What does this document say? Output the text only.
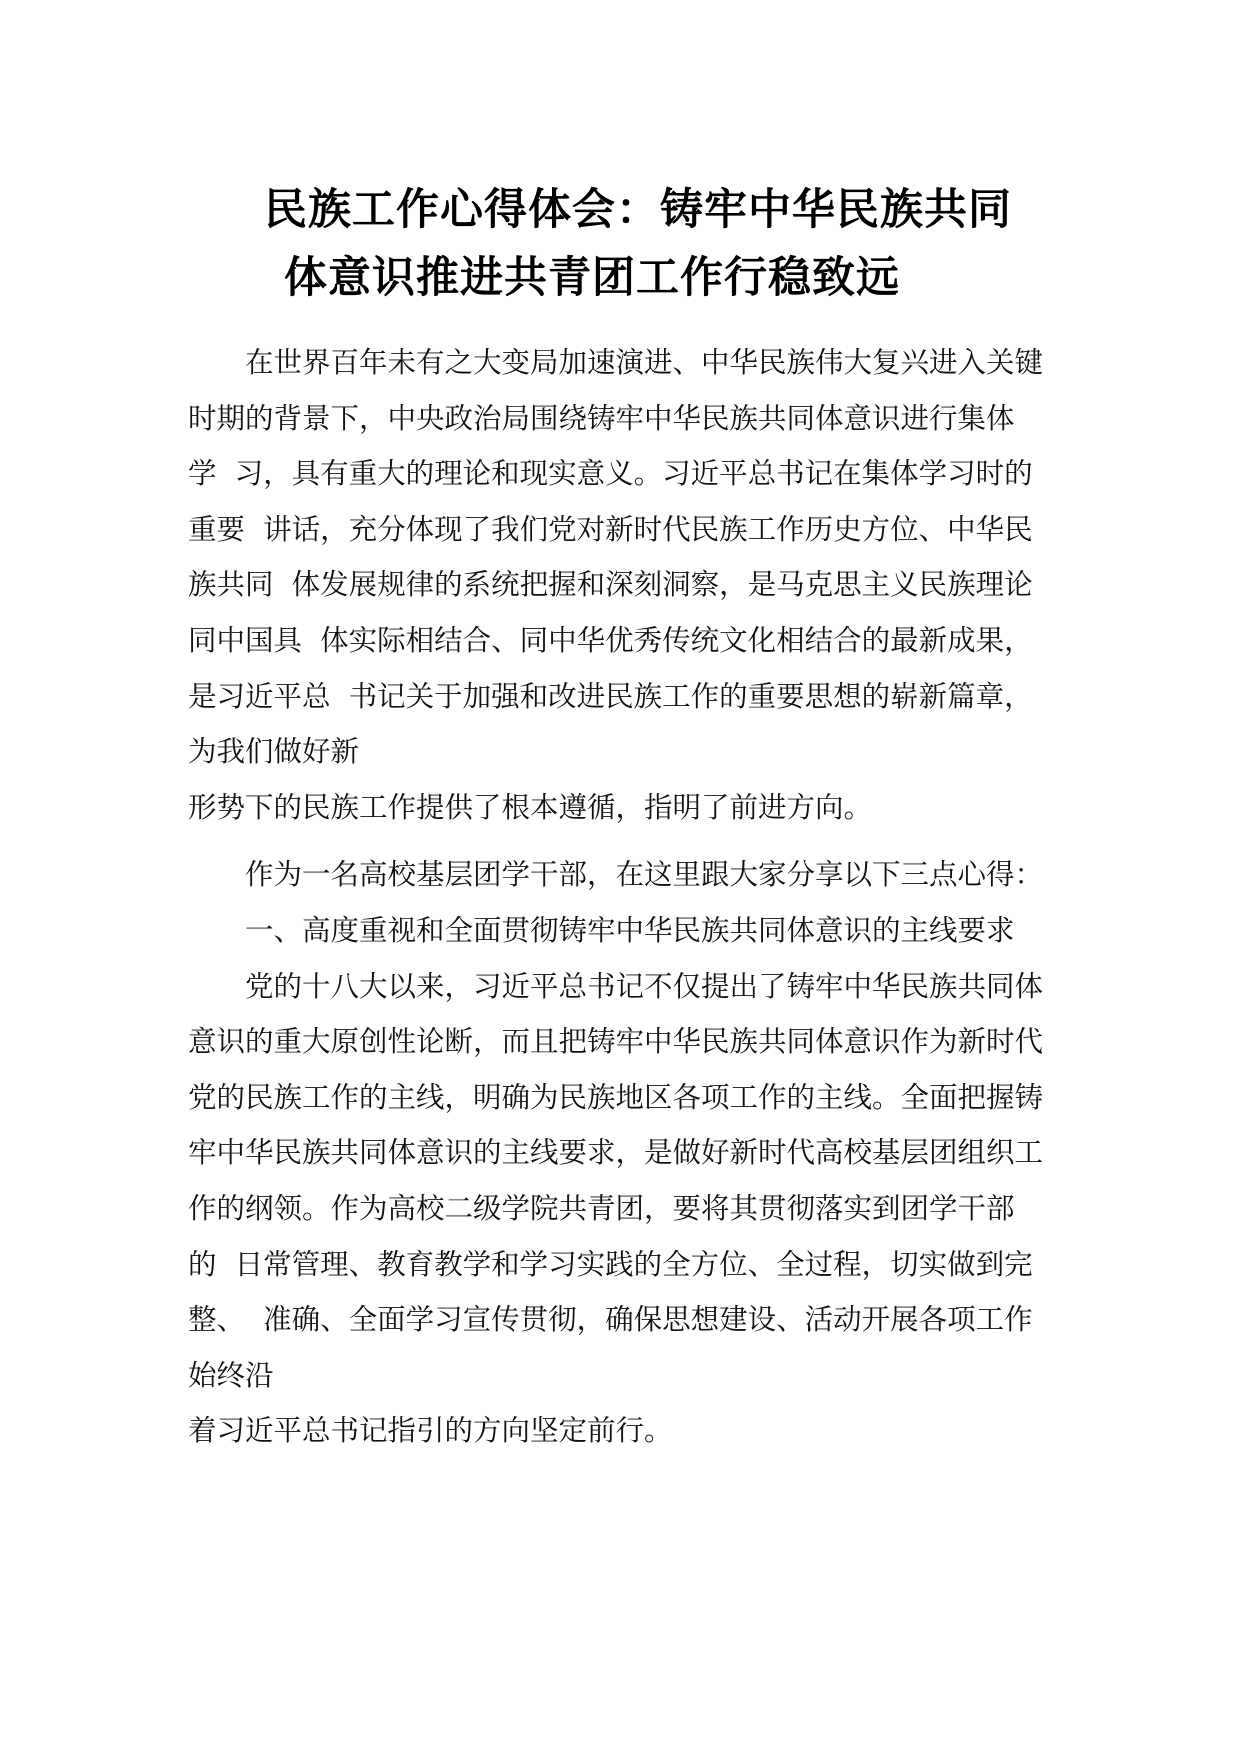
民族工作心得体会：铸牢中华民族共同
体意识推进共青团工作行稳致远
在世界百年未有之大变局加速演进、中华民族伟大复兴进入关键
时期的背景下，中央政治局围绕铸牢中华民族共同体意识进行集体
学  习，具有重大的理论和现实意义。习近平总书记在集体学习时的
重要  讲话，充分体现了我们党对新时代民族工作历史方位、中华民
族共同  体发展规律的系统把握和深刻洞察，是马克思主义民族理论
同中国具  体实际相结合、同中华优秀传统文化相结合的最新成果，
是习近平总  书记关于加强和改进民族工作的重要思想的崭新篇章，
为我们做好新
形势下的民族工作提供了根本遵循，指明了前进方向。
作为一名高校基层团学干部，在这里跟大家分享以下三点心得：
一、高度重视和全面贯彻铸牢中华民族共同体意识的主线要求
党的十八大以来，习近平总书记不仅提出了铸牢中华民族共同体
意识的重大原创性论断，而且把铸牢中华民族共同体意识作为新时代
党的民族工作的主线，明确为民族地区各项工作的主线。全面把握铸
牢中华民族共同体意识的主线要求，是做好新时代高校基层团组织工
作的纲领。作为高校二级学院共青团，要将其贯彻落实到团学干部
的  日常管理、教育教学和学习实践的全方位、全过程，切实做到完
整、  准确、全面学习宣传贯彻，确保思想建设、活动开展各项工作
始终沿
着习近平总书记指引的方向坚定前行。
